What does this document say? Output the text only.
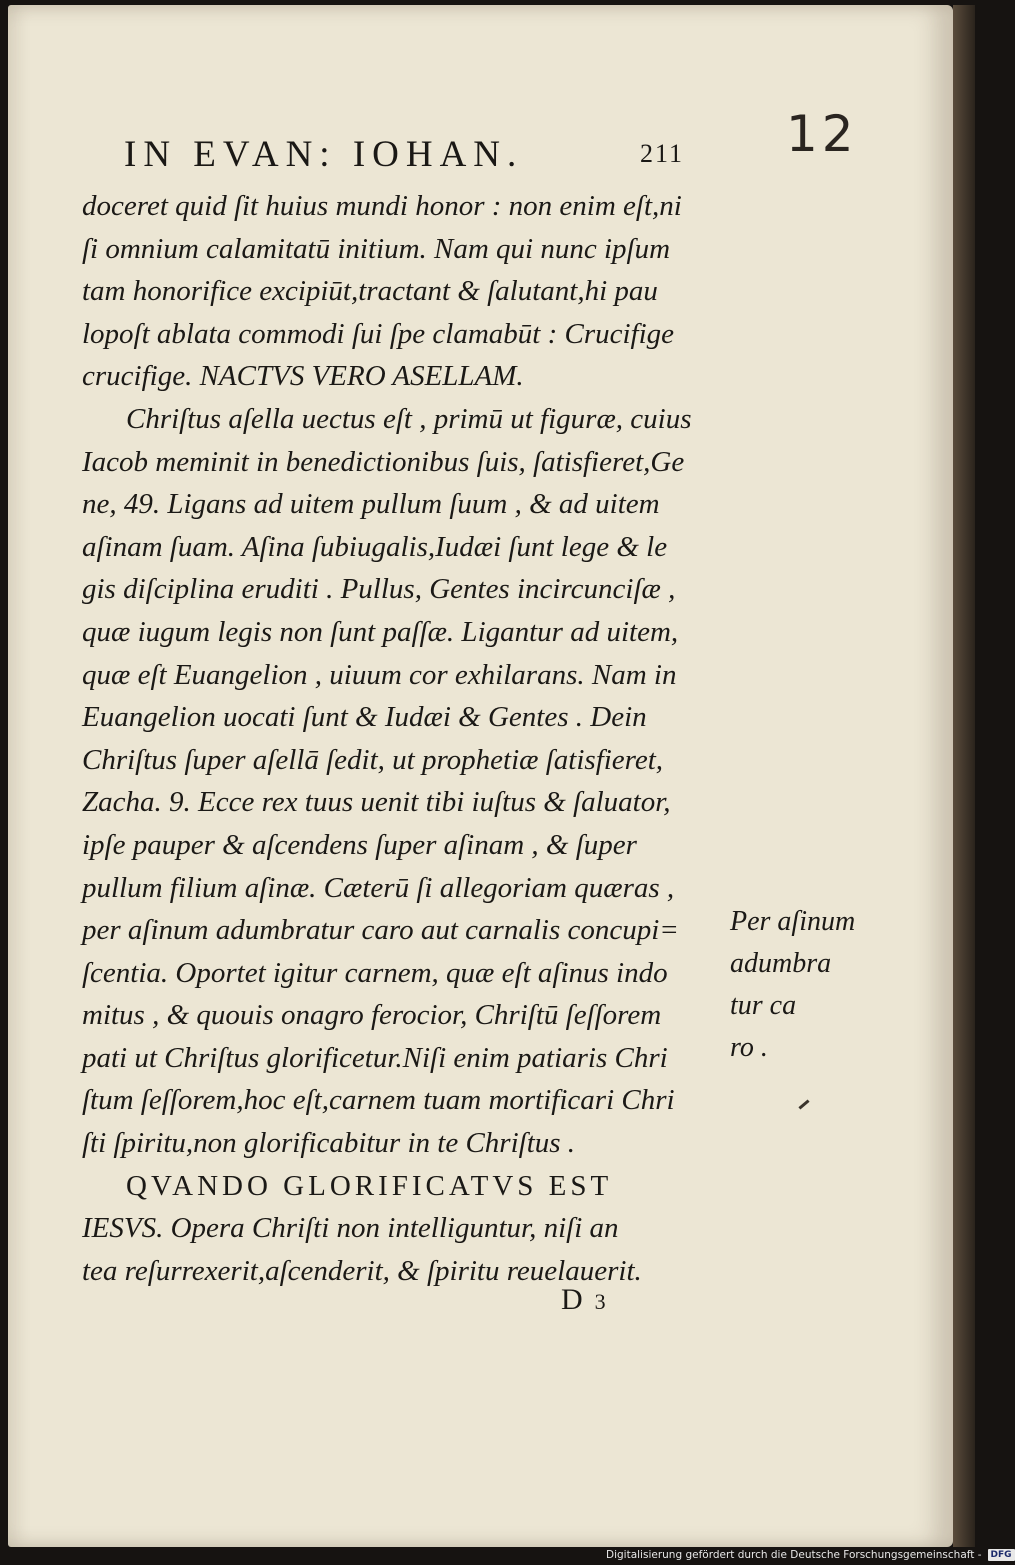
12
IN EVAN: IOHAN.	211
doceret quid ſit huius mundi honor : non enim eſt,ni
ſi omnium calamitatū initium. Nam qui nunc ipſum
tam honorifice excipiūt,tractant & ſalutant,hi pau
lopoſt ablata commodi ſui ſpe clamabūt : Crucifige
crucifige. NACTVS VERO ASELLAM.
Chriſtus aſella uectus eſt , primū ut figuræ, cuius
Iacob meminit in benedictionibus ſuis, ſatisfieret,Ge
ne, 49. Ligans ad uitem pullum ſuum , & ad uitem
aſinam ſuam. Aſina ſubiugalis,Iudæi ſunt lege & le
gis diſciplina eruditi . Pullus, Gentes incircunciſæ ,
quæ iugum legis non ſunt paſſæ. Ligantur ad uitem,
quæ eſt Euangelion , uiuum cor exhilarans. Nam in
Euangelion uocati ſunt & Iudæi & Gentes . Dein
Chriſtus ſuper aſellā ſedit, ut prophetiæ ſatisfieret,
Zacha. 9. Ecce rex tuus uenit tibi iuſtus & ſaluator,
ipſe pauper & aſcendens ſuper aſinam , & ſuper
pullum filium aſinæ. Cæterū ſi allegoriam quæras ,
per aſinum adumbratur caro aut carnalis concupi=
ſcentia. Oportet igitur carnem, quæ eſt aſinus indo
mitus , & quouis onagro ferocior, Chriſtū ſeſſorem
pati ut Chriſtus glorificetur.Niſi enim patiaris Chri
ſtum ſeſſorem,hoc eſt,carnem tuam mortificari Chri
ſti ſpiritu,non glorificabitur in te Chriſtus .
QVANDO GLORIFICATVS EST
IESVS. Opera Chriſti non intelliguntur, niſi an
tea reſurrexerit,aſcenderit, & ſpiritu reuelauerit.
Per aſinum
adumbra
tur ca
ro .
D3
Digitalisierung gefördert durch die Deutsche Forschungsgemeinschaft -	DFG
